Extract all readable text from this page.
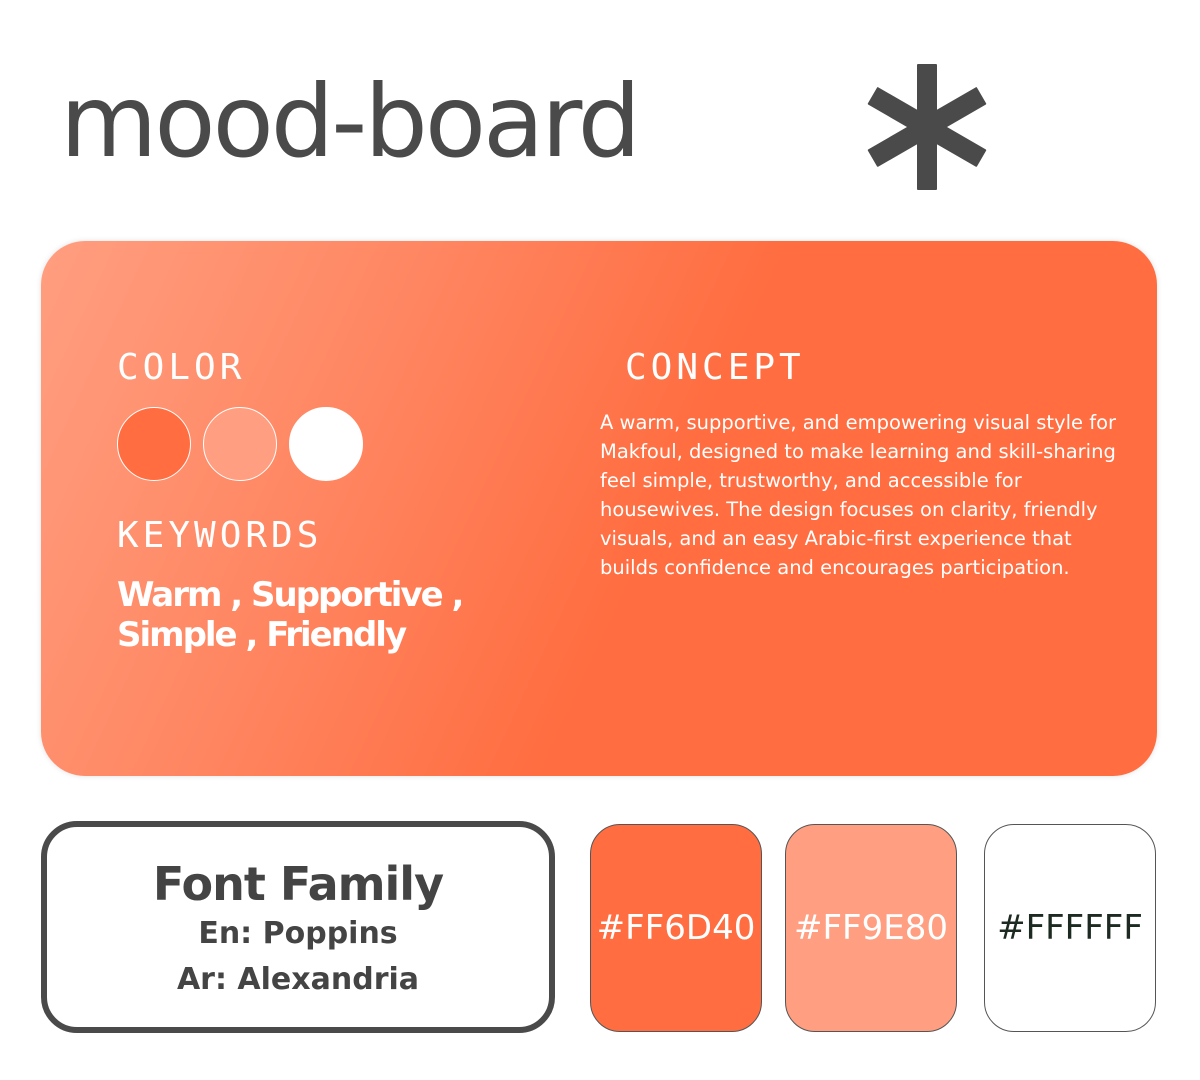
mood-board
COLOR
KEYWORDS
Warm , Supportive , Simple , Friendly
CONCEPT

A warm, supportive, and empowering visual style for Makfoul, designed to make learning and skill-sharing feel simple, trustworthy, and accessible for housewives. The design focuses on clarity, friendly visuals, and an easy Arabic-first experience that builds confidence and encourages participation.

Font Family
En: Poppins
Ar: Alexandria
#FF6D40 #FF9E80	#FFFFFF
